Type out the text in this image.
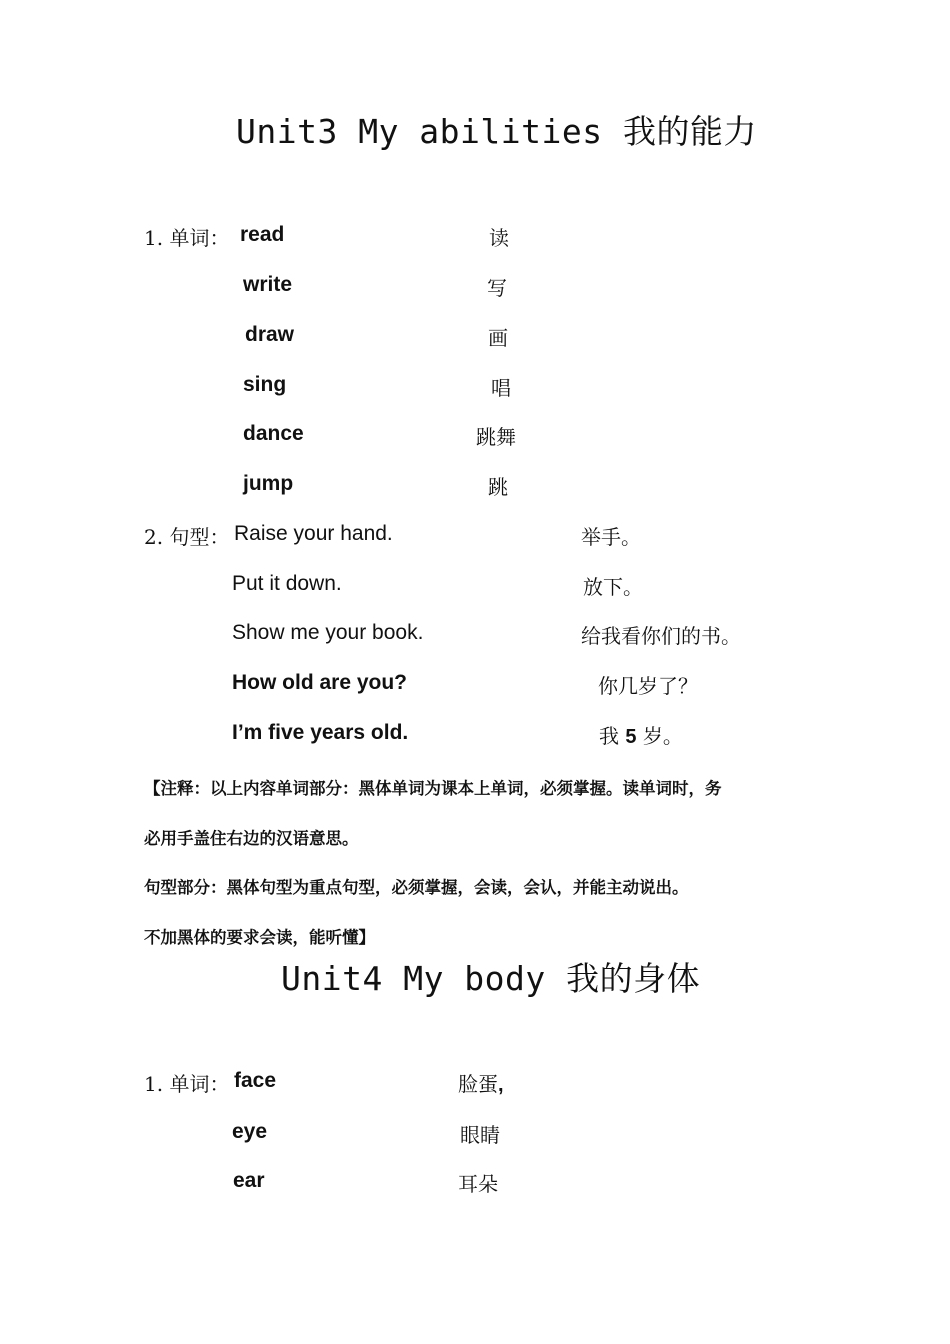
Unit3 My abilities 我的能力
1. 单词： read	读
write	写
draw	画
sing	唱
dance	跳舞
jump	跳
2. 句型： Raise your hand.	举手。
Put it down.	放下。
Show me your book.	给我看你们的书。
How old are you?	你几岁了？
I’m five years old.	我 5 岁。
【注释：以上内容单词部分：黑体单词为课本上单词，必须掌握。读单词时，务
必用手盖住右边的汉语意思。
句型部分：黑体句型为重点句型，必须掌握，会读，会认，并能主动说出。
不加黑体的要求会读，能听懂】
Unit4 My body 我的身体
1. 单词： face	脸蛋,
eye	眼睛
ear	耳朵
